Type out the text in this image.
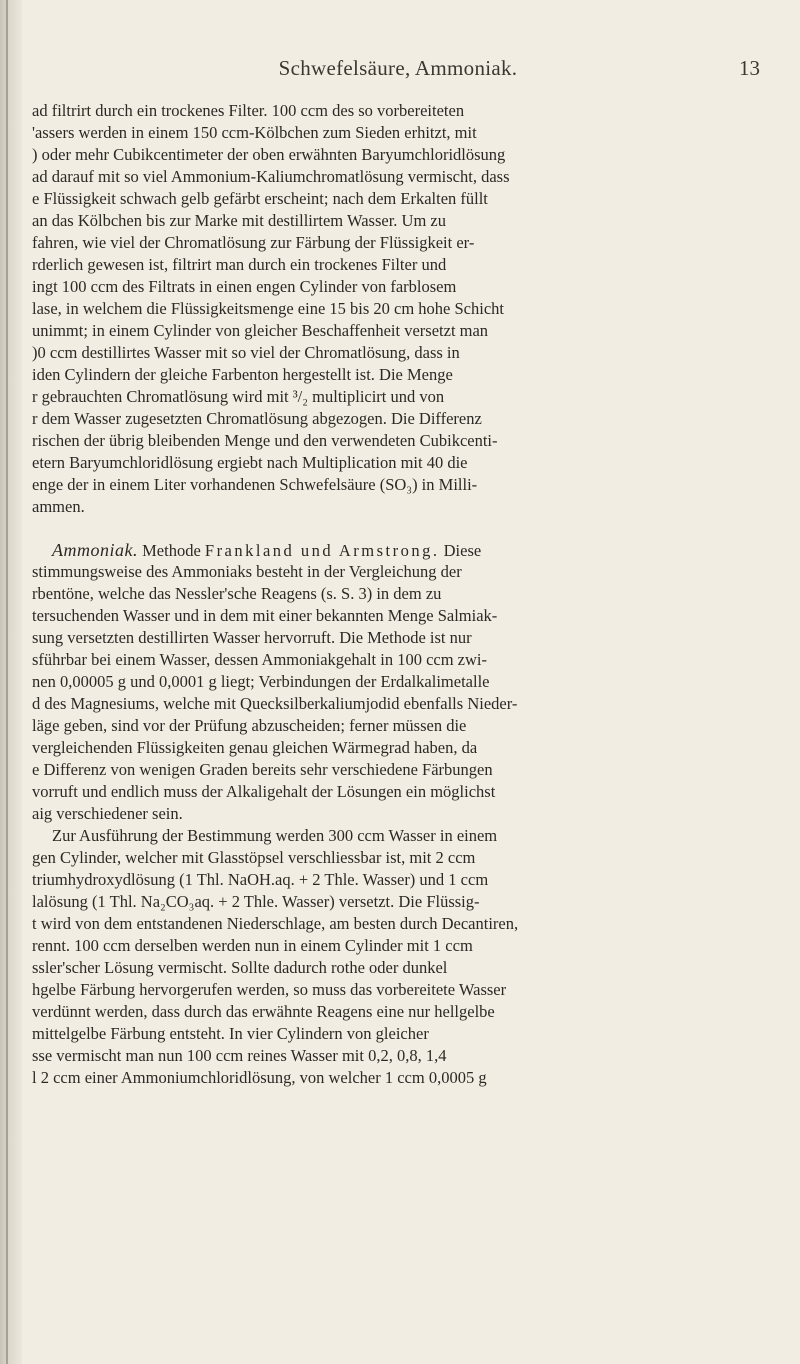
Schwefelsäure, Ammoniak.	13
ad filtrirt durch ein trockenes Filter. 100 ccm des so vorbereiteten
'assers werden in einem 150 ccm-Kölbchen zum Sieden erhitzt, mit
) oder mehr Cubikcentimeter der oben erwähnten Baryumchloridlösung
ad darauf mit so viel Ammonium-Kaliumchromatlösung vermischt, dass
e Flüssigkeit schwach gelb gefärbt erscheint; nach dem Erkalten füllt
an das Kölbchen bis zur Marke mit destillirtem Wasser. Um zu
fahren, wie viel der Chromatlösung zur Färbung der Flüssigkeit er-
rderlich gewesen ist, filtrirt man durch ein trockenes Filter und
ingt 100 ccm des Filtrats in einen engen Cylinder von farblosem
lase, in welchem die Flüssigkeitsmenge eine 15 bis 20 cm hohe Schicht
unimmt; in einem Cylinder von gleicher Beschaffenheit versetzt man
)0 ccm destillirtes Wasser mit so viel der Chromatlösung, dass in
iden Cylindern der gleiche Farbenton hergestellt ist. Die Menge
r gebrauchten Chromatlösung wird mit ³/₂ multiplicirt und von
r dem Wasser zugesetzten Chromatlösung abgezogen. Die Differenz
rischen der übrig bleibenden Menge und den verwendeten Cubikcenti-
etern Baryumchloridlösung ergiebt nach Multiplication mit 40 die
enge der in einem Liter vorhandenen Schwefelsäure (SO₃) in Milli-
ammen.
Ammoniak. Methode Frankland und Armstrong. Diese
stimmungsweise des Ammoniaks besteht in der Vergleichung der
rbentöne, welche das Nessler'sche Reagens (s. S. 3) in dem zu
tersuchenden Wasser und in dem mit einer bekannten Menge Salmiak-
sung versetzten destillirten Wasser hervorruft. Die Methode ist nur
sführbar bei einem Wasser, dessen Ammoniakgehalt in 100 ccm zwi-
nen 0,00005 g und 0,0001 g liegt; Verbindungen der Erdalkalimetalle
d des Magnesiums, welche mit Quecksilberkaliumjodid ebenfalls Nieder-
läge geben, sind vor der Prüfung abzuscheiden; ferner müssen die
vergleichenden Flüssigkeiten genau gleichen Wärmegrad haben, da
e Differenz von wenigen Graden bereits sehr verschiedene Färbungen
vorruft und endlich muss der Alkaligehalt der Lösungen ein möglichst
aig verschiedener sein.
Zur Ausführung der Bestimmung werden 300 ccm Wasser in einem
gen Cylinder, welcher mit Glasstöpsel verschliessbar ist, mit 2 ccm
triumhydroxydlösung (1 Thl. NaOH.aq. + 2 Thle. Wasser) und 1 ccm
lalösung (1 Thl. Na₂CO₃aq. + 2 Thle. Wasser) versetzt. Die Flüssig-
t wird von dem entstandenen Niederschlage, am besten durch Decantiren,
rennt. 100 ccm derselben werden nun in einem Cylinder mit 1 ccm
ssler'scher Lösung vermischt. Sollte dadurch rothe oder dunkel
hgelbe Färbung hervorgerufen werden, so muss das vorbereitete Wasser
verdünnt werden, dass durch das erwähnte Reagens eine nur hellgelbe
mittelgelbe Färbung entsteht. In vier Cylindern von gleicher
sse vermischt man nun 100 ccm reines Wasser mit 0,2, 0,8, 1,4
l 2 ccm einer Ammoniumchloridlösung, von welcher 1 ccm 0,0005 g
